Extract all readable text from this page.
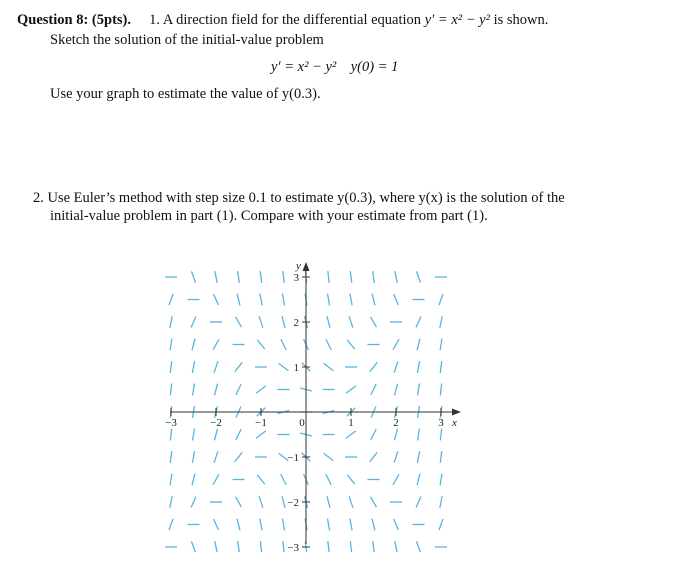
Question 8: (5pts). 1. A direction field for the differential equation y′ = x² − y² is shown.
Sketch the solution of the initial-value problem
y′ = x² − y² y(0) = 1
Use your graph to estimate the value of y(0.3).
2. Use Euler’s method with step size 0.1 to estimate y(0.3), where y(x) is the solution of the
initial-value problem in part (1). Compare with your estimate from part (1).
−3	−2	−1	0	1	2	3
3
2
1
−1
−2
−3
x
y
